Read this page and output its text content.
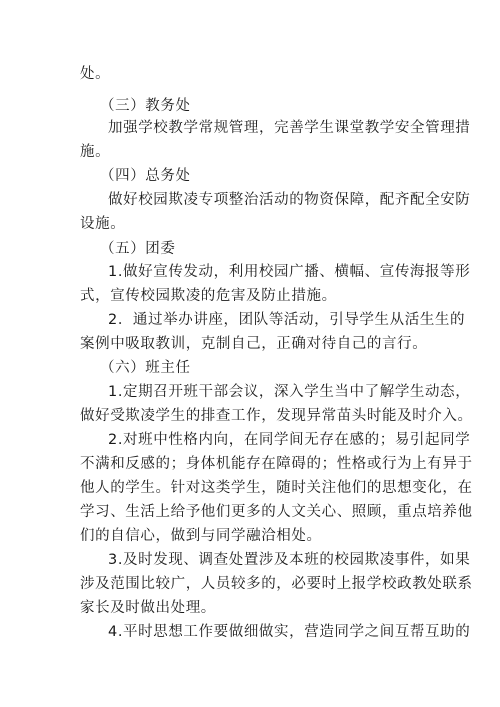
处。
（三）教务处
加强学校教学常规管理，完善学生课堂教学安全管理措
施。
（四）总务处
做好校园欺凌专项整治活动的物资保障，配齐配全安防
设施。
（五）团委
1.做好宣传发动，利用校园广播、横幅、宣传海报等形
式，宣传校园欺凌的危害及防止措施。
2．通过举办讲座，团队等活动，引导学生从活生生的
案例中吸取教训，克制自己，正确对待自己的言行。
（六）班主任
1.定期召开班干部会议，深入学生当中了解学生动态，
做好受欺凌学生的排查工作，发现异常苗头时能及时介入。
2.对班中性格内向，在同学间无存在感的；易引起同学
不满和反感的；身体机能存在障碍的；性格或行为上有异于
他人的学生。针对这类学生，随时关注他们的思想变化，在
学习、生活上给予他们更多的人文关心、照顾，重点培养他
们的自信心，做到与同学融洽相处。
3.及时发现、调查处置涉及本班的校园欺凌事件，如果
涉及范围比较广，人员较多的，必要时上报学校政教处联系
家长及时做出处理。
4.平时思想工作要做细做实，营造同学之间互帮互助的
